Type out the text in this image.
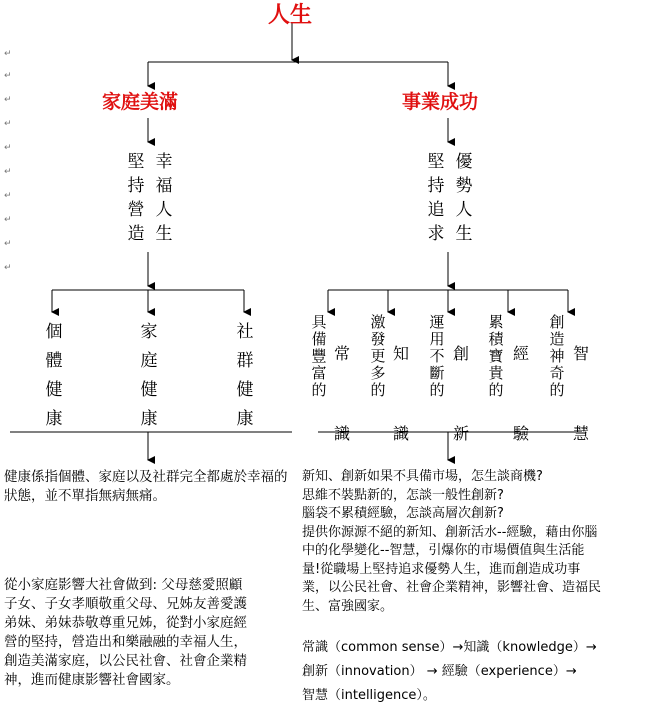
↵
↵
↵
↵
↵
↵
↵
↵
↵
↵
人生
家庭美滿	事業成功
幸福人生
堅持營造
優勢人生
堅持追求
個體健康
家庭健康
社群健康
常識
具備豐富的
知識
激發更多的
創新
運用不斷的
經驗
累積寶貴的
智慧
創造神奇的
健康係指個體、家庭以及社群完全都處於幸福的狀態，並不單指無病無痛。
從小家庭影響大社會做到: 父母慈愛照顧
子女、子女孝順敬重父母、兄姊友善愛護
弟妹、弟妹恭敬尊重兄姊，從對小家庭經
營的堅持，營造出和樂融融的幸福人生，
創造美滿家庭，以公民社會、社會企業精
神，進而健康影響社會國家。
新知、創新如果不具備市場，怎生談商機?
思維不裝點新的，怎談一般性創新?
腦袋不累積經驗，怎談高層次創新?
提供你源源不絕的新知、創新活水--經驗，藉由你腦
中的化學變化--智慧，引爆你的市場價值與生活能
量!從職場上堅持追求優勢人生，進而創造成功事
業，以公民社會、社會企業精神，影響社會、造福民
生、富強國家。
常識（common sense）→知識（knowledge）→
創新（innovation） → 經驗（experience）→
智慧（intelligence）。
